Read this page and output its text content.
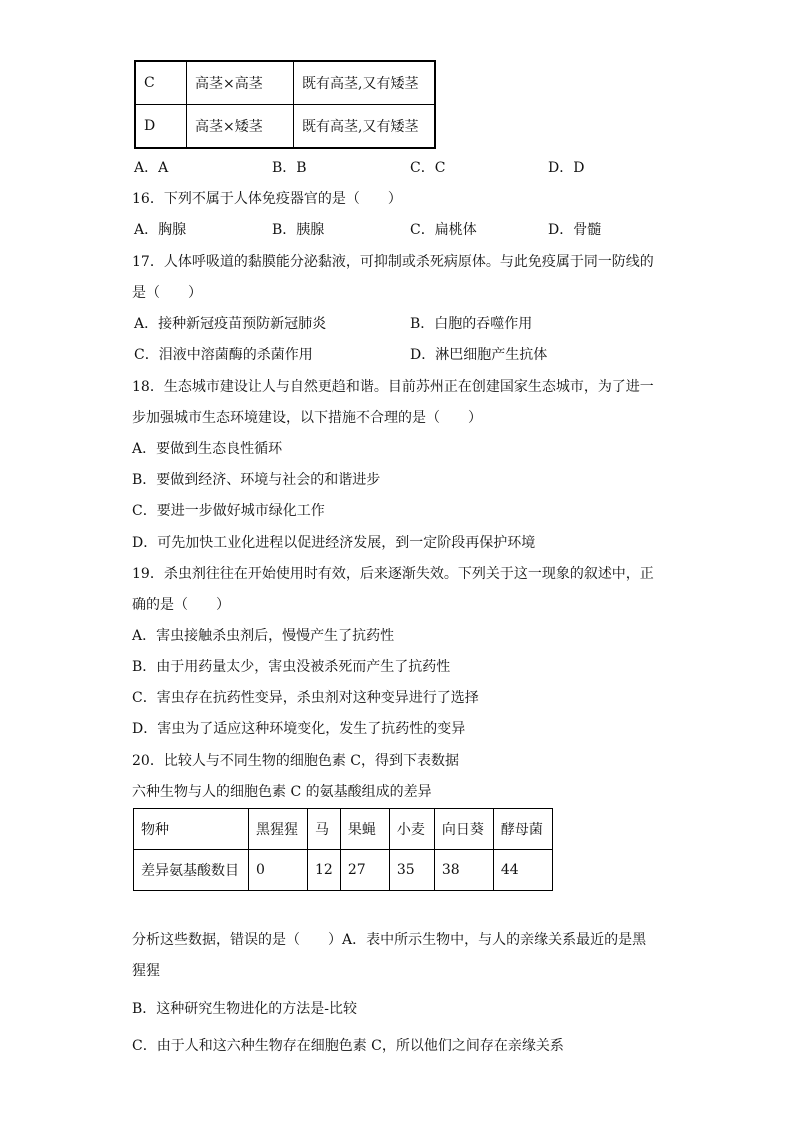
C	高茎×高茎	既有高茎,又有矮茎
D	高茎×矮茎	既有高茎,又有矮茎
A．A	B．B	C．C	D．D
16．下列不属于人体免疫器官的是（　　）
A．胸腺	B．胰腺	C．扁桃体	D．骨髓
17．人体呼吸道的黏膜能分泌黏液，可抑制或杀死病原体。与此免疫属于同一防线的
是（　　）
A．接种新冠疫苗预防新冠肺炎	B．白胞的吞噬作用
C．泪液中溶菌酶的杀菌作用	D．淋巴细胞产生抗体
18．生态城市建设让人与自然更趋和谐。目前苏州正在创建国家生态城市，为了进一
步加强城市生态环境建设，以下措施不合理的是（　　）
A．要做到生态良性循环
B．要做到经济、环境与社会的和谐进步
C．要进一步做好城市绿化工作
D．可先加快工业化进程以促进经济发展，到一定阶段再保护环境
19．杀虫剂往往在开始使用时有效，后来逐渐失效。下列关于这一现象的叙述中，正
确的是（　　）
A．害虫接触杀虫剂后，慢慢产生了抗药性
B．由于用药量太少，害虫没被杀死而产生了抗药性
C．害虫存在抗药性变异，杀虫剂对这种变异进行了选择
D．害虫为了适应这种环境变化，发生了抗药性的变异
20．比较人与不同生物的细胞色素 C，得到下表数据
六种生物与人的细胞色素 C 的氨基酸组成的差异
物种	黑猩猩	马	果蝇	小麦	向日葵	酵母菌
差异氨基酸数目	0	12	27	35	38	44
分析这些数据，错误的是（　　）A．表中所示生物中，与人的亲缘关系最近的是黑
猩猩
B．这种研究生物进化的方法是-比较
C．由于人和这六种生物存在细胞色素 C，所以他们之间存在亲缘关系
